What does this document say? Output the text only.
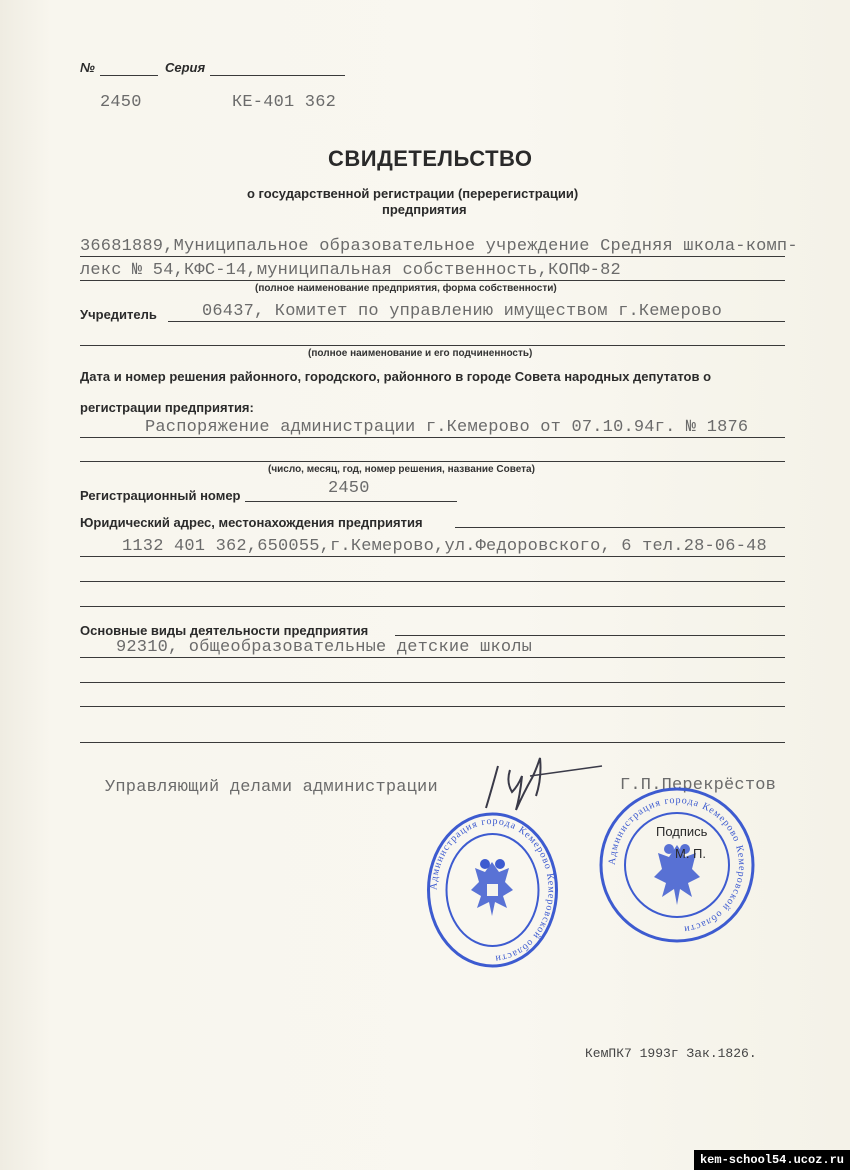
№	Серия
2450	КЕ-401 362
СВИДЕТЕЛЬСТВО
о государственной регистрации (перерегистрации)
предприятия
36681889,Муниципальное образовательное учреждение Средняя школа-комп-
лекс № 54,КФС-14,муниципальная собственность,КОПФ-82
(полное наименование предприятия, форма собственности)
Учредитель	06437, Комитет по управлению имуществом г.Кемерово
(полное наименование и его подчиненность)
Дата и номер решения районного, городского, районного в городе Совета народных депутатов о
регистрации предприятия:
Распоряжение администрации г.Кемерово от 07.10.94г. № 1876
(число, месяц, год, номер решения, название Совета)
Регистрационный номер	2450
Юридический адрес, местонахождения предприятия
1132 401 362,650055,г.Кемерово,ул.Федоровского, 6 тел.28-06-48
Основные виды деятельности предприятия
92310, общеобразовательные детские школы
Управляющий делами администрации	Г.П.Перекрёстов
Администрация города Кемерово Кемеровской области
Администрация города Кемерово Кемеровской области
Подпись
М. П.
КемПК7 1993г Зак.1826.
kem-school54.ucoz.ru
